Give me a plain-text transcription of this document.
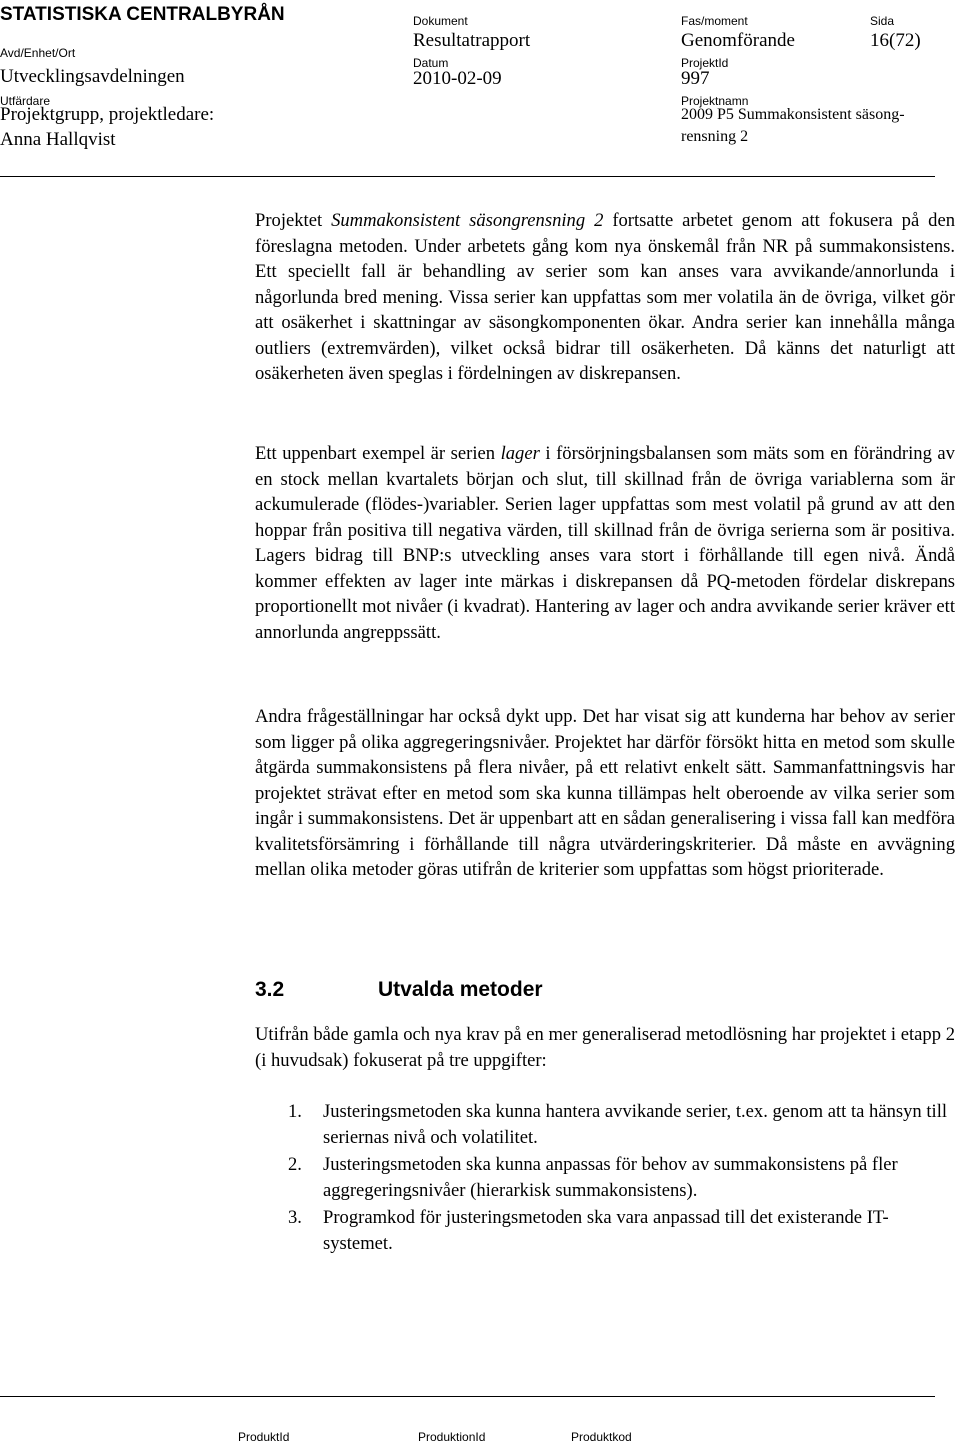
STATISTISKA CENTRALBYRÅN
Avd/Enhet/Ort
Utvecklingsavdelningen
Utfärdare
Projektgrupp, projektledare:
Anna Hallqvist
Dokument
Resultatrapport
Datum
2010-02-09
Fas/moment
Genomförande
ProjektId
997
Projektnamn
2009 P5 Summakonsistent säsong-
rensning 2
Sida
16(72)

Projektet Summakonsistent säsongrensning 2 fortsatte arbetet genom att fokusera på den föreslagna metoden. Under arbetets gång kom nya önskemål från NR på summakonsistens. Ett speciellt fall är behandling av serier som kan anses vara avvikande/annorlunda i någorlunda bred mening. Vissa serier kan uppfattas som mer volatila än de övriga, vilket gör att osäkerhet i skattningar av säsongkomponenten ökar. Andra serier kan innehålla många outliers (extremvärden), vilket också bidrar till osäkerheten. Då känns det naturligt att osäkerheten även speglas i fördelningen av diskrepansen.

Ett uppenbart exempel är serien lager i försörjningsbalansen som mäts som en förändring av en stock mellan kvartalets början och slut, till skillnad från de övriga variablerna som är ackumulerade (flödes-)variabler. Serien lager uppfattas som mest volatil på grund av att den hoppar från positiva till negativa värden, till skillnad från de övriga serierna som är positiva. Lagers bidrag till BNP:s utveckling anses vara stort i förhållande till egen nivå. Ändå kommer effekten av lager inte märkas i diskrepansen då PQ-metoden fördelar diskrepans proportionellt mot nivåer (i kvadrat). Hantering av lager och andra avvikande serier kräver ett annorlunda angreppssätt.

Andra frågeställningar har också dykt upp. Det har visat sig att kunderna har behov av serier som ligger på olika aggregeringsnivåer. Projektet har därför försökt hitta en metod som skulle åtgärda summakonsistens på flera nivåer, på ett relativt enkelt sätt. Sammanfattningsvis har projektet strävat efter en metod som ska kunna tillämpas helt oberoende av vilka serier som ingår i summakonsistens. Det är uppenbart att en sådan generalisering i vissa fall kan medföra kvalitetsförsämring i förhållande till några utvärderingskriterier. Då måste en avvägning mellan olika metoder göras utifrån de kriterier som uppfattas som högst prioriterade.

3.2	Utvalda metoder

Utifrån både gamla och nya krav på en mer generaliserad metodlösning har projektet i etapp 2 (i huvudsak) fokuserat på tre uppgifter:

1. Justeringsmetoden ska kunna hantera avvikande serier, t.ex. genom att ta hänsyn till seriernas nivå och volatilitet.
2. Justeringsmetoden ska kunna anpassas för behov av summakonsistens på fler aggregeringsnivåer (hierarkisk summakonsistens).
3. Programkod för justeringsmetoden ska vara anpassad till det existerande IT-systemet.
ProduktId	ProduktionId	Produktkod
